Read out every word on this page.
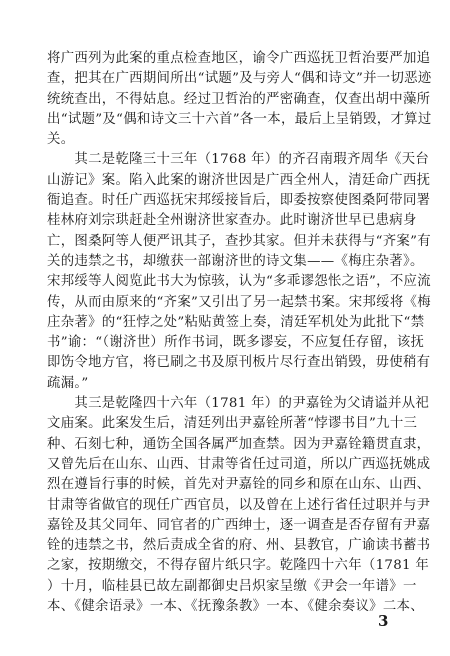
将广西列为此案的重点检查地区，谕令广西巡抚卫哲治要严加追
查，把其在广西期间所出“试题”及与旁人“偶和诗文”并一切恶迹
统统查出，不得姑息。经过卫哲治的严密确查，仅查出胡中藻所
出“试题”及“偶和诗文三十六首”各一本，最后上呈销毁，才算过
关。
　　其二是乾隆三十三年（1768 年）的齐召南瑕齐周华《天台
山游记》案。陷入此案的谢济世因是广西全州人，清廷命广西抚
衙追查。时任广西巡抚宋邦绥接旨后，即委按察使图桑阿带同署
桂林府刘宗珙赶赴全州谢济世家查办。此时谢济世早已患病身
亡，图桑阿等人便严讯其子，查抄其家。但并未获得与“齐案”有
关的违禁之书，却缴获一部谢济世的诗文集——《梅庄杂著》。
宋邦绥等人阅览此书大为惊骇，认为“多乖谬怨怅之语”，不应流
传，从而由原来的“齐案”又引出了另一起禁书案。宋邦绥将《梅
庄杂著》的“狂悖之处”粘贴黄签上奏，清廷军机处为此批下“禁
书”谕：“（谢济世）所作书词，既多谬妄，不应复任存留，该抚
即饬令地方官，将已刷之书及原刊板片尽行查出销毁，毋使稍有
疏漏。”
　　其三是乾隆四十六年（1781 年）的尹嘉铨为父请谥并从祀
文庙案。此案发生后，清廷列出尹嘉铨所著“悖谬书目”九十三
种、石刻七种，通饬全国各属严加查禁。因为尹嘉铨籍贯直隶，
又曾先后在山东、山西、甘肃等省任过司道，所以广西巡抚姚成
烈在遵旨行事的时候，首先对尹嘉铨的同乡和原在山东、山西、
甘肃等省做官的现任广西官员，以及曾在上述行省任过职并与尹
嘉铨及其父同年、同官者的广西绅士，逐一调查是否存留有尹嘉
铨的违禁之书，然后责成全省的府、州、县教官，广谕读书蓄书
之家，按期缴交，不得存留片纸只字。乾隆四十六年（1781 年
）十月，临桂县已故左副都御史吕炽家呈缴《尹会一年谱》一
本、《健余语录》一本、《抚豫条教》一本、《健余奏议》二本、
3
